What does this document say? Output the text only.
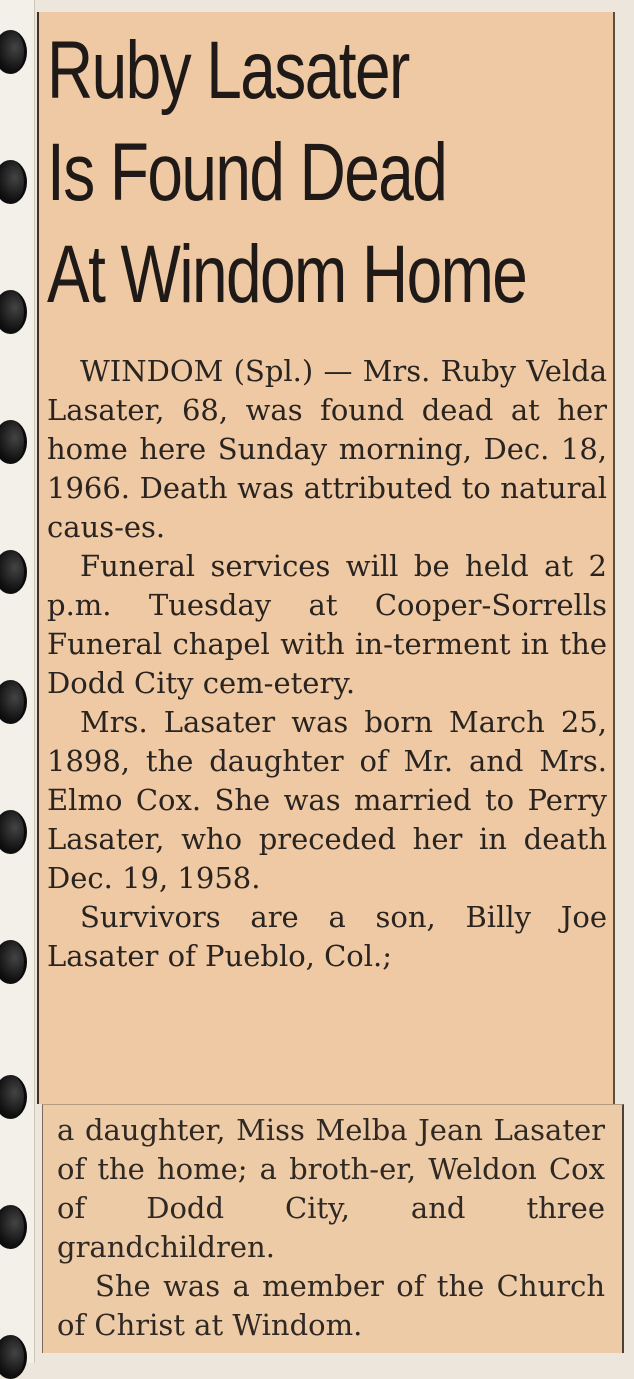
Ruby Lasater
Is Found Dead
At Windom Home

WINDOM (Spl.) — Mrs. Ruby Velda Lasater, 68, was found dead at her home here Sunday morning, Dec. 18, 1966. Death was attributed to natural caus-es.

Funeral services will be held at 2 p.m. Tuesday at Cooper-Sorrells Funeral chapel with in-terment in the Dodd City cem-etery.

Mrs. Lasater was born March 25, 1898, the daughter of Mr. and Mrs. Elmo Cox. She was married to Perry Lasater, who preceded her in death Dec. 19, 1958.

Survivors are a son, Billy Joe Lasater of Pueblo, Col.;

a daughter, Miss Melba Jean Lasater of the home; a broth-er, Weldon Cox of Dodd City, and three grandchildren.

She was a member of the Church of Christ at Windom.
